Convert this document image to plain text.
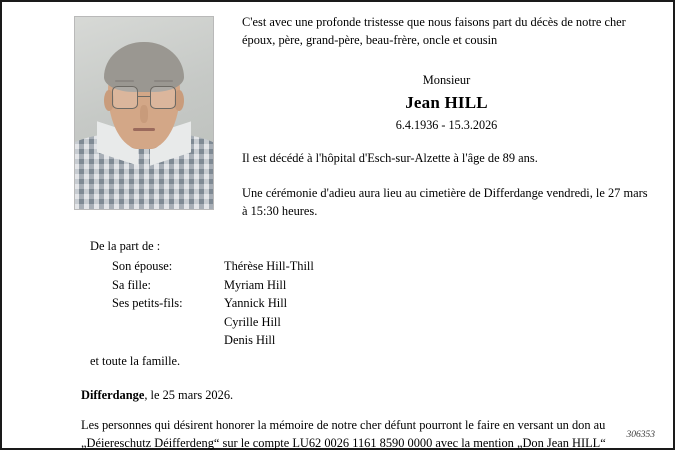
C'est avec une profonde tristesse que nous faisons part du décès de notre cher époux, père, grand-père, beau-frère, oncle et cousin
Monsieur
Jean HILL
6.4.1936 - 15.3.2026
Il est décédé à l'hôpital d'Esch-sur-Alzette à l'âge de 89 ans.
Une cérémonie d'adieu aura lieu au cimetière de Differdange vendredi, le 27 mars à 15:30 heures.
De la part de :
Son épouse:	Thérèse Hill-Thill
Sa fille:	Myriam Hill
Ses petits-fils:	Yannick Hill
	Cyrille Hill
	Denis Hill
et toute la famille.
Differdange, le 25 mars 2026.
Les personnes qui désirent honorer la mémoire de notre cher défunt pourront le faire en versant un don au „Déiereschutz Déifferdeng“ sur le compte LU62 0026 1161 8590 0000 avec la mention „Don Jean HILL“
306353
